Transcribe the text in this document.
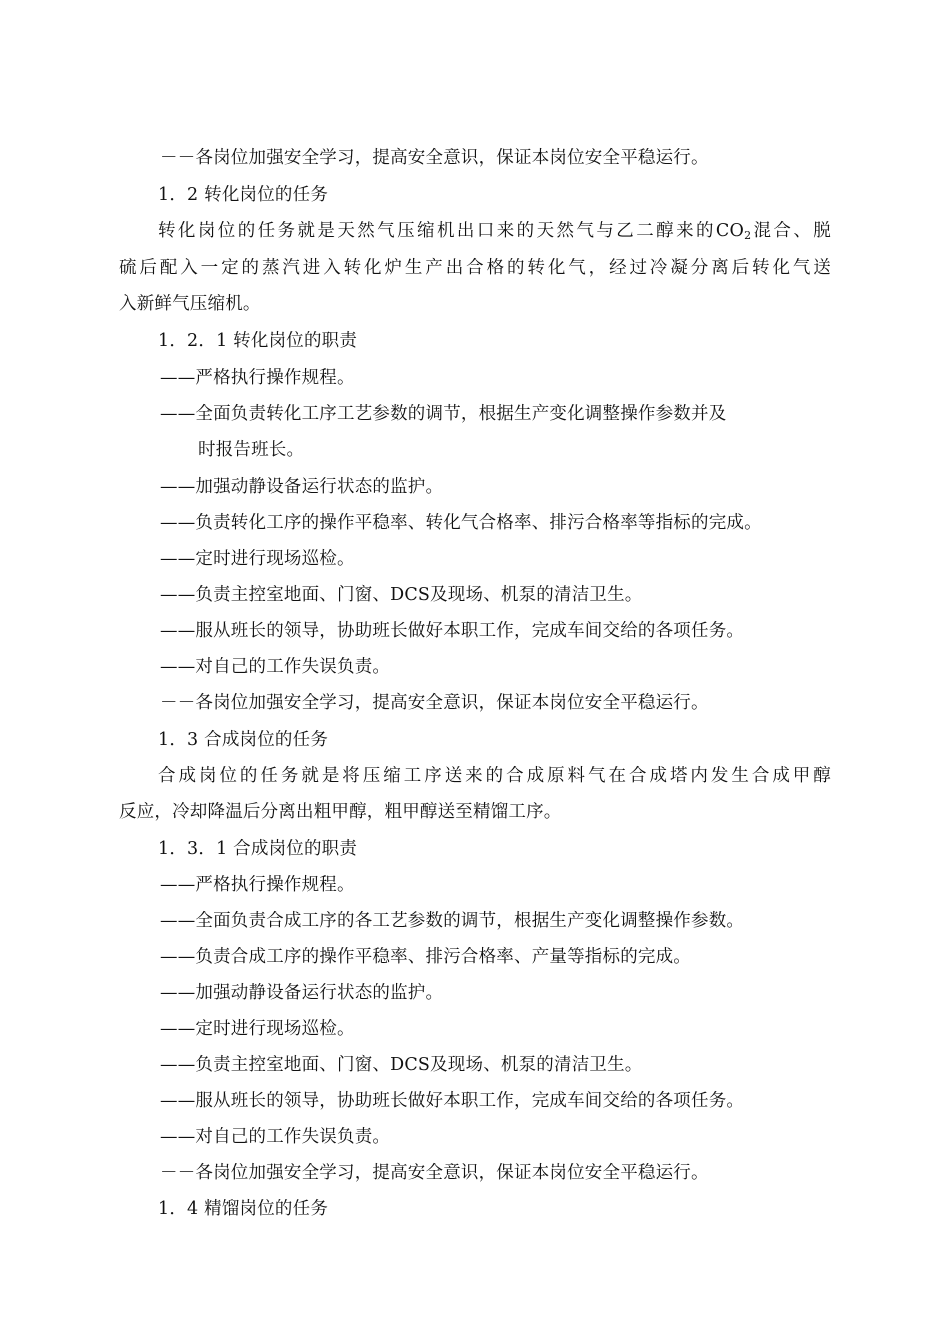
－－各岗位加强安全学习，提高安全意识，保证本岗位安全平稳运行。
1．2 转化岗位的任务
转化岗位的任务就是天然气压缩机出口来的天然气与乙二醇来的$CO_2$混合、脱
硫后配入一定的蒸汽进入转化炉生产出合格的转化气，经过冷凝分离后转化气送
入新鲜气压缩机。
1．2．1 转化岗位的职责
——严格执行操作规程。
——全面负责转化工序工艺参数的调节，根据生产变化调整操作参数并及
时报告班长。
——加强动静设备运行状态的监护。
——负责转化工序的操作平稳率、转化气合格率、排污合格率等指标的完成。
——定时进行现场巡检。
——负责主控室地面、门窗、DCS及现场、机泵的清洁卫生。
——服从班长的领导，协助班长做好本职工作，完成车间交给的各项任务。
——对自己的工作失误负责。
－－各岗位加强安全学习，提高安全意识，保证本岗位安全平稳运行。
1．3 合成岗位的任务
合成岗位的任务就是将压缩工序送来的合成原料气在合成塔内发生合成甲醇
反应，冷却降温后分离出粗甲醇，粗甲醇送至精馏工序。
1．3．1 合成岗位的职责
——严格执行操作规程。
——全面负责合成工序的各工艺参数的调节，根据生产变化调整操作参数。
——负责合成工序的操作平稳率、排污合格率、产量等指标的完成。
——加强动静设备运行状态的监护。
——定时进行现场巡检。
——负责主控室地面、门窗、DCS及现场、机泵的清洁卫生。
——服从班长的领导，协助班长做好本职工作，完成车间交给的各项任务。
——对自己的工作失误负责。
－－各岗位加强安全学习，提高安全意识，保证本岗位安全平稳运行。
1．4 精馏岗位的任务
